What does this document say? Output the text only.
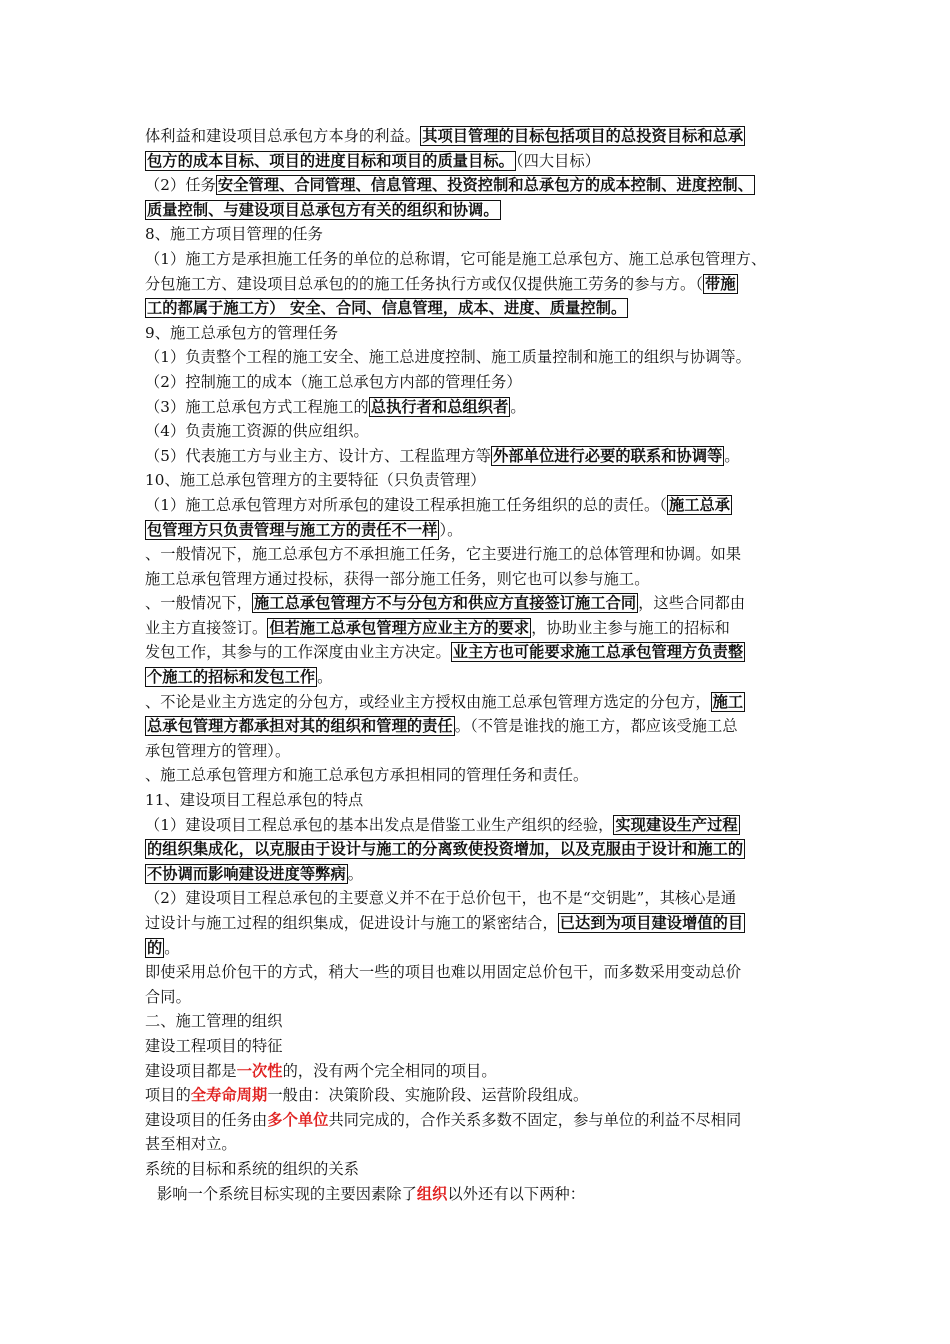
体利益和建设项目总承包方本身的利益。 其项目管理的目标包括项目的总投资目标和总承
包方的成本目标、项目的进度目标和项目的质量目标。 （四大目标）
（2）任务 安全管理、合同管理、信息管理、投资控制和总承包方的成本控制、进度控制、
质量控制、与建设项目总承包方有关的组织和协调。
8、施工方项目管理的任务
（1）施工方是承担施工任务的单位的总称谓，它可能是施工总承包方、施工总承包管理方、
分包施工方、建设项目总承包的的施工任务执行方或仅仅提供施工劳务的参与方。（ 带施
工的都属于施工方） 安全、合同、信息管理，成本、进度、质量控制。
9、施工总承包方的管理任务
（1）负责整个工程的施工安全、施工总进度控制、施工质量控制和施工的组织与协调等。
（2）控制施工的成本（施工总承包方内部的管理任务）
（3）施工总承包方式工程施工的 总执行者和总组织者 。
（4）负责施工资源的供应组织。
（5）代表施工方与业主方、设计方、工程监理方等 外部单位进行必要的联系和协调等 。
10、施工总承包管理方的主要特征（只负责管理）
（1）施工总承包管理方对所承包的建设工程承担施工任务组织的总的责任。（ 施工总承
包管理方只负责管理与施工方的责任不一样 ）。
、一般情况下，施工总承包方不承担施工任务，它主要进行施工的总体管理和协调。如果
施工总承包管理方通过投标，获得一部分施工任务，则它也可以参与施工。
、一般情况下， 施工总承包管理方不与分包方和供应方直接签订施工合同 ，这些合同都由
业主方直接签订。 但若施工总承包管理方应业主方的要求 ，协助业主参与施工的招标和
发包工作，其参与的工作深度由业主方决定。 业主方也可能要求施工总承包管理方负责整
个施工的招标和发包工作 。
、不论是业主方选定的分包方，或经业主方授权由施工总承包管理方选定的分包方， 施工
总承包管理方都承担对其的组织和管理的责任 。（不管是谁找的施工方，都应该受施工总
承包管理方的管理）。
、施工总承包管理方和施工总承包方承担相同的管理任务和责任。
11、建设项目工程总承包的特点
（1）建设项目工程总承包的基本出发点是借鉴工业生产组织的经验， 实现建设生产过程
的组织集成化，以克服由于设计与施工的分离致使投资增加，以及克服由于设计和施工的
不协调而影响建设进度等弊病 。
（2）建设项目工程总承包的主要意义并不在于总价包干，也不是“交钥匙”，其核心是通
过设计与施工过程的组织集成，促进设计与施工的紧密结合， 已达到为项目建设增值的目
的 。
即使采用总价包干的方式，稍大一些的项目也难以用固定总价包干，而多数采用变动总价
合同。
二、施工管理的组织
建设工程项目的特征
建设项目都是一次性的，没有两个完全相同的项目。
项目的全寿命周期一般由：决策阶段、实施阶段、运营阶段组成。
建设项目的任务由多个单位共同完成的，合作关系多数不固定，参与单位的利益不尽相同
甚至相对立。
系统的目标和系统的组织的关系
影响一个系统目标实现的主要因素除了组织以外还有以下两种：
